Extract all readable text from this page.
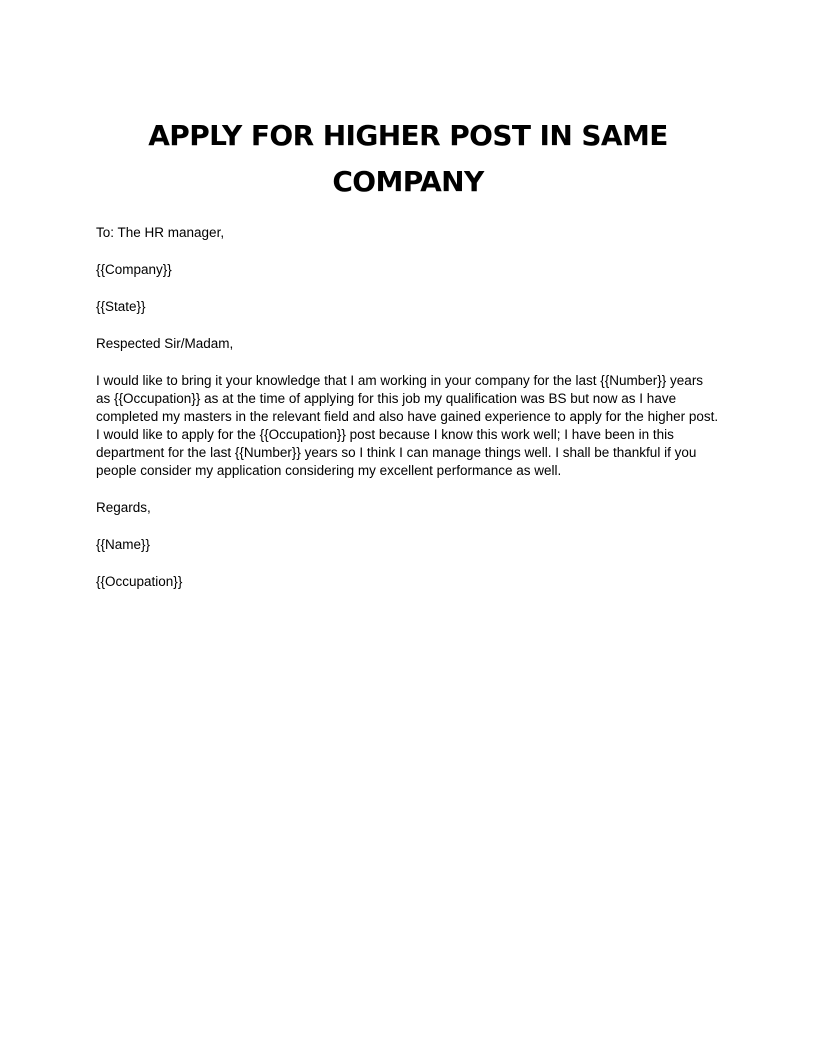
APPLY FOR HIGHER POST IN SAME COMPANY

To: The HR manager,

{{Company}}

{{State}}

Respected Sir/Madam,

I would like to bring it your knowledge that I am working in your company for the last {{Number}} years as {{Occupation}} as at the time of applying for this job my qualification was BS but now as I have completed my masters in the relevant field and also have gained experience to apply for the higher post. I would like to apply for the {{Occupation}} post because I know this work well; I have been in this department for the last {{Number}} years so I think I can manage things well. I shall be thankful if you people consider my application considering my excellent performance as well.

Regards,

{{Name}}

{{Occupation}}
